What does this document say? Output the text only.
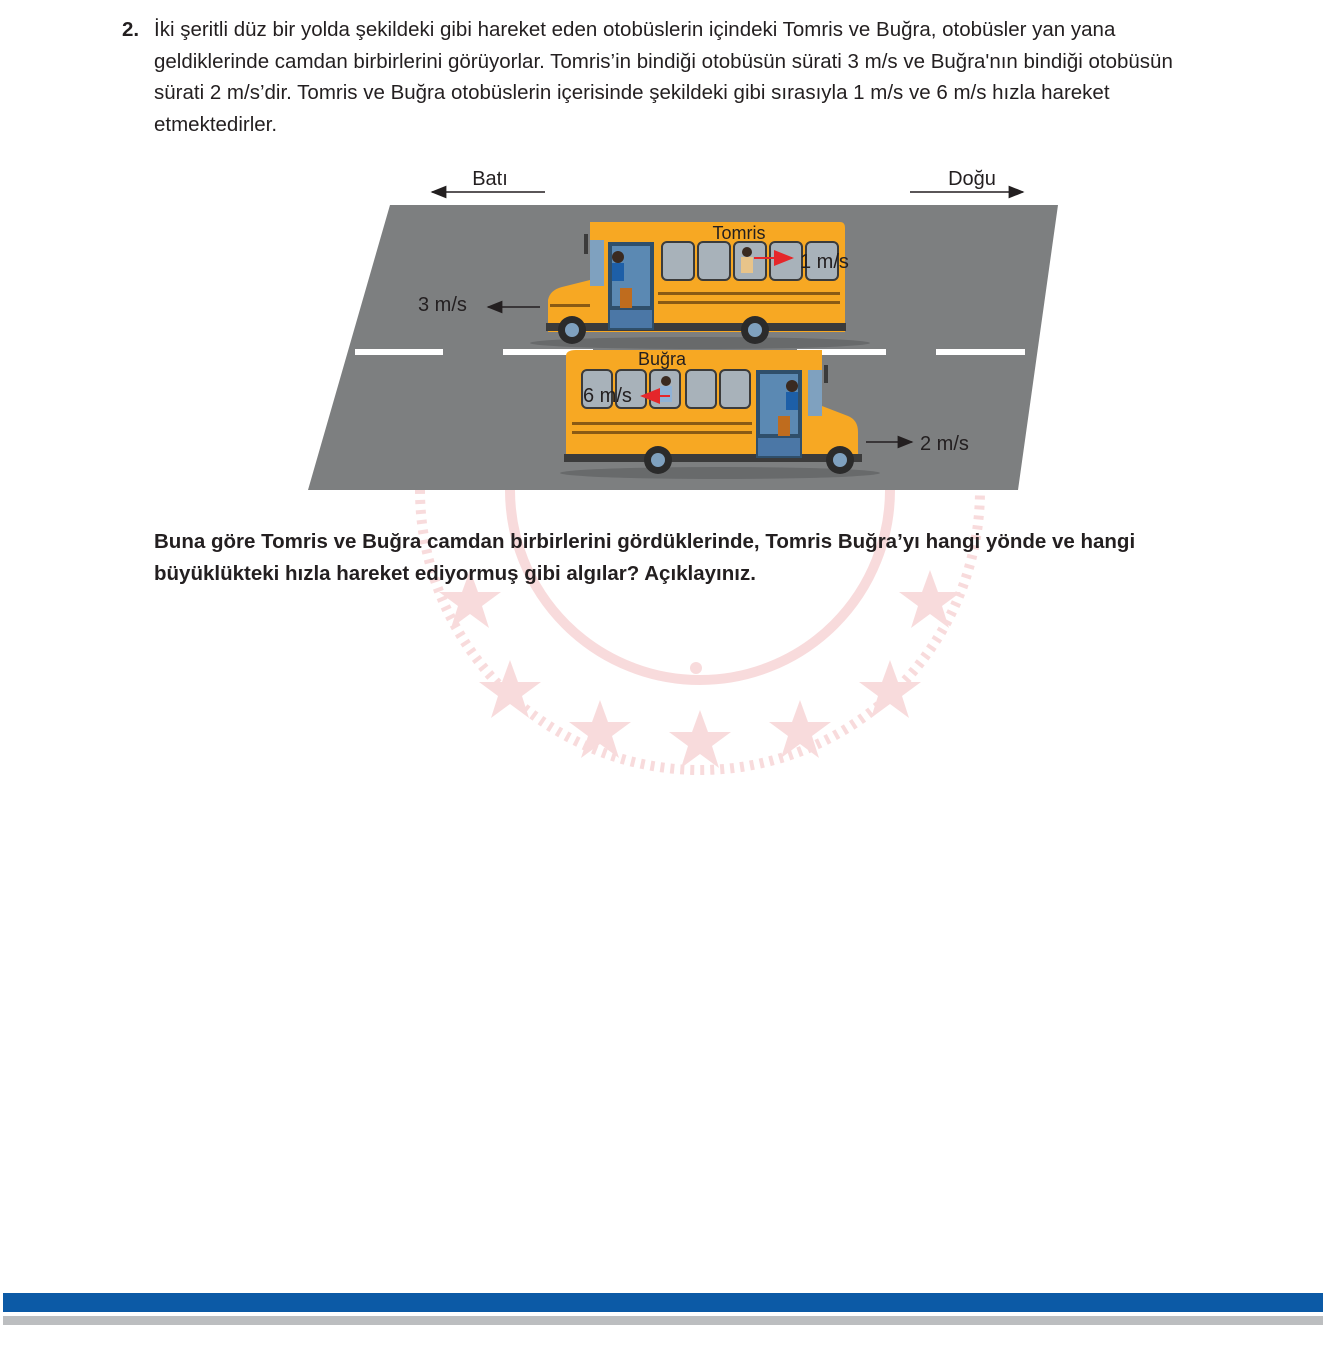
2. İki şeritli düz bir yolda şekildeki gibi hareket eden otobüslerin içindeki Tomris ve Buğra, otobüsler yan yana geldiklerinde camdan birbirlerini görüyorlar. Tomris’in bindiği otobüsün sürati 3 m/s ve Buğra'nın bindiği otobüsün sürati 2 m/s’dir. Tomris ve Buğra otobüslerin içerisinde şekildeki gibi sırasıyla 1 m/s ve 6 m/s hızla hareket etmektedirler.
Batı	Doğu
Tomris
1 m/s
3 m/s
Buğra
6 m/s
2 m/s
Buna göre Tomris ve Buğra camdan birbirlerini gördüklerinde, Tomris Buğra’yı hangi yönde ve hangi büyüklükteki hızla hareket ediyormuş gibi algılar? Açıklayınız.
